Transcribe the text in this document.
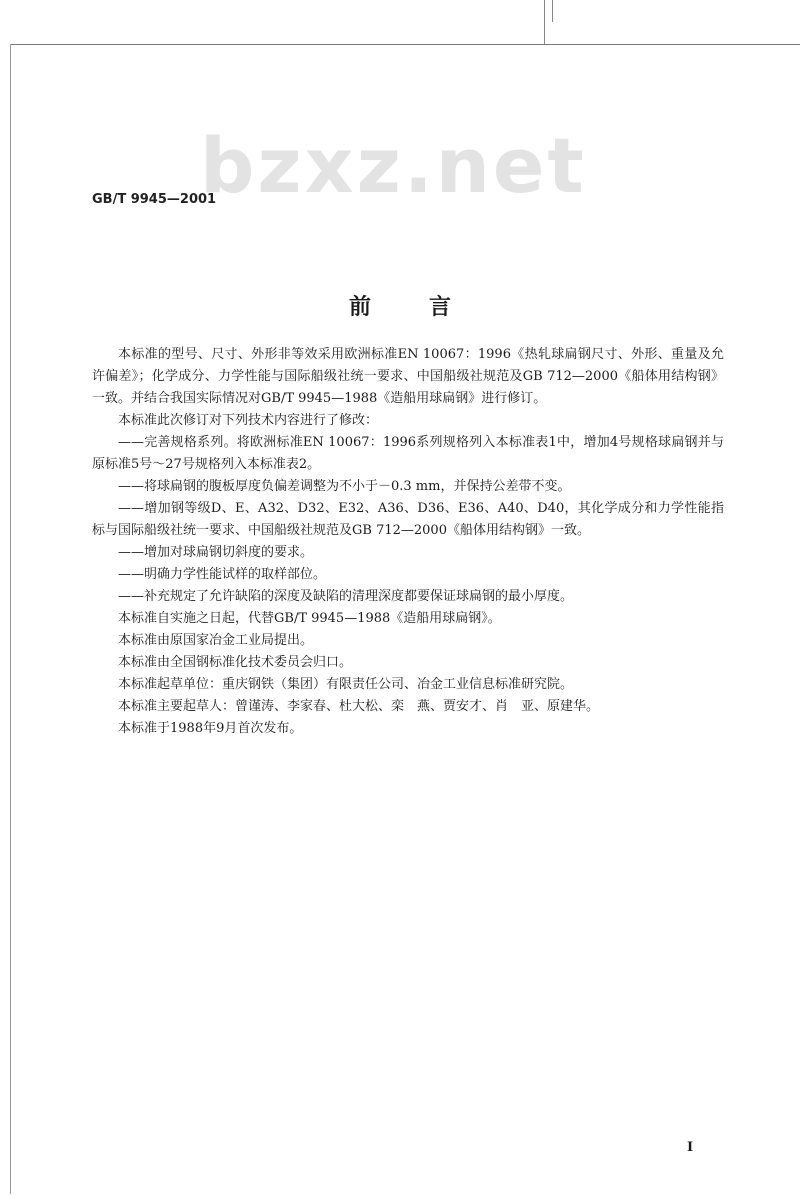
bzxz.net
GB/T 9945—2001
前言

本标准的型号、尺寸、外形非等效采用欧洲标准EN 10067：1996《热轧球扁钢尺寸、外形、重量及允许偏差》；化学成分、力学性能与国际船级社统一要求、中国船级社规范及GB 712—2000《船体用结构钢》一致。并结合我国实际情况对GB/T 9945—1988《造船用球扁钢》进行修订。

本标准此次修订对下列技术内容进行了修改：

——完善规格系列。将欧洲标准EN 10067：1996系列规格列入本标准表1中，增加4号规格球扁钢并与原标准5号～27号规格列入本标准表2。

——将球扁钢的腹板厚度负偏差调整为不小于－0.3 mm，并保持公差带不变。

——增加钢等级D、E、A32、D32、E32、A36、D36、E36、A40、D40，其化学成分和力学性能指标与国际船级社统一要求、中国船级社规范及GB 712—2000《船体用结构钢》一致。

——增加对球扁钢切斜度的要求。

——明确力学性能试样的取样部位。

——补充规定了允许缺陷的深度及缺陷的清理深度都要保证球扁钢的最小厚度。

本标准自实施之日起，代替GB/T 9945—1988《造船用球扁钢》。

本标准由原国家冶金工业局提出。

本标准由全国钢标准化技术委员会归口。

本标准起草单位：重庆钢铁（集团）有限责任公司、冶金工业信息标准研究院。

本标准主要起草人：曾谨涛、李家春、杜大松、栾　燕、贾安才、肖　亚、原建华。

本标准于1988年9月首次发布。

I
